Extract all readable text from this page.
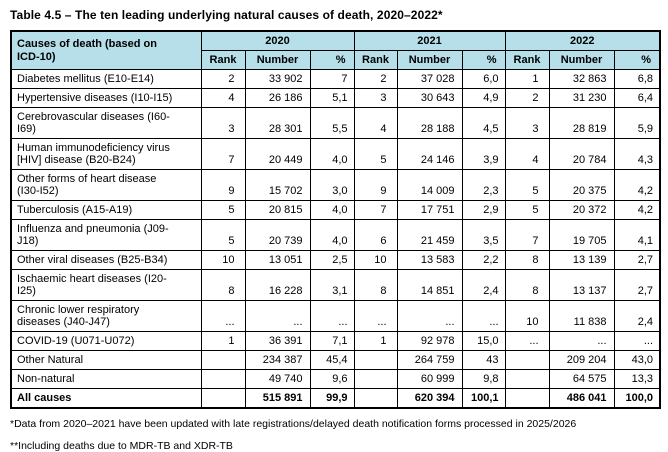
Table 4.5 – The ten leading underlying natural causes of death, 2020–2022*
Causes of death (based on ICD-10)	2020			2021			2022		
	Rank	Number	%	Rank	Number	%	Rank	Number	%
Diabetes mellitus (E10-E14)	2	33 902	7	2	37 028	6,0	1	32 863	6,8
Hypertensive diseases (I10-I15)	4	26 186	5,1	3	30 643	4,9	2	31 230	6,4
Cerebrovascular diseases (I60-I69)	3	28 301	5,5	4	28 188	4,5	3	28 819	5,9
Human immunodeficiency virus [HIV] disease (B20-B24)	7	20 449	4,0	5	24 146	3,9	4	20 784	4,3
Other forms of heart disease (I30-I52)	9	15 702	3,0	9	14 009	2,3	5	20 375	4,2
Tuberculosis (A15-A19)	5	20 815	4,0	7	17 751	2,9	5	20 372	4,2
Influenza and pneumonia (J09-J18)	5	20 739	4,0	6	21 459	3,5	7	19 705	4,1
Other viral diseases (B25-B34)	10	13 051	2,5	10	13 583	2,2	8	13 139	2,7
Ischaemic heart diseases (I20-I25)	8	16 228	3,1	8	14 851	2,4	8	13 137	2,7
Chronic lower respiratory diseases (J40-J47)	...	...	...	...	...	...	10	11 838	2,4
COVID-19 (U071-U072)	1	36 391	7,1	1	92 978	15,0	...	...	...
Other Natural		234 387	45,4		264 759	43		209 204	43,0
Non-natural		49 740	9,6		60 999	9,8		64 575	13,3
All causes		515 891	99,9		620 394	100,1		486 041	100,0

*Data from 2020–2021 have been updated with late registrations/delayed death notification forms processed in 2025/2026

**Including deaths due to MDR-TB and XDR-TB
